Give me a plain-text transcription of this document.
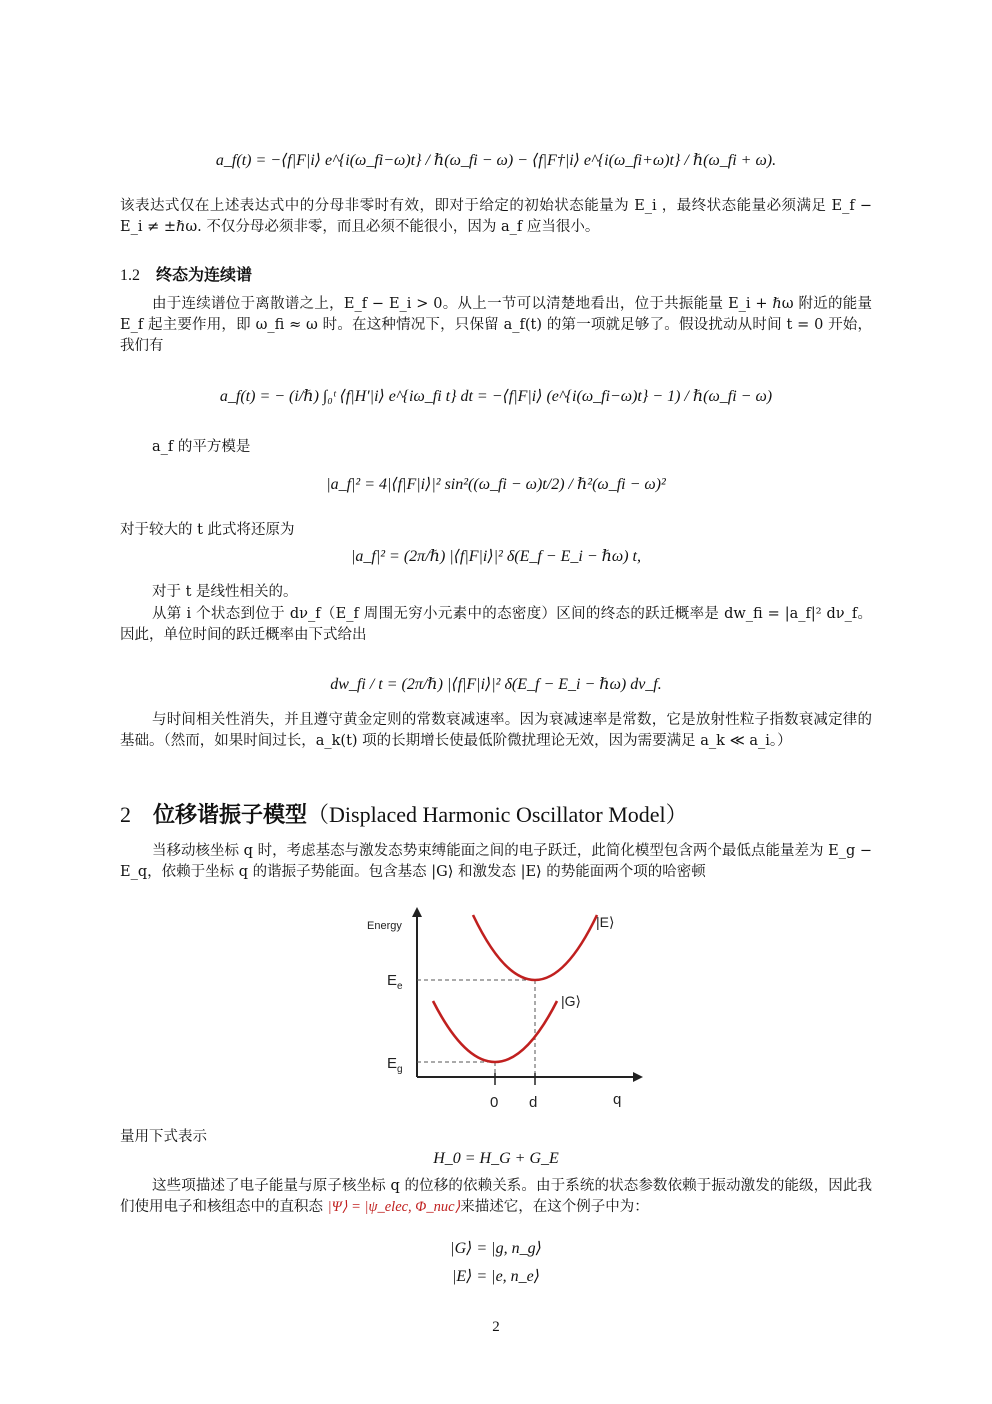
a_f(t) = −⟨f|F|i⟩ e^{i(ω_fi−ω)t} / ℏ(ω_fi − ω) − ⟨f|F†|i⟩ e^{i(ω_fi+ω)t} / ℏ(ω_fi + ω).
该表达式仅在上述表达式中的分母非零时有效，即对于给定的初始状态能量为 E_i ，最终状态能量必须满足 E_f − E_i ≠ ±ℏω. 不仅分母必须非零，而且必须不能很小，因为 a_f 应当很小。
1.2 终态为连续谱
由于连续谱位于离散谱之上，E_f − E_i > 0。从上一节可以清楚地看出，位于共振能量 E_i + ℏω 附近的能量 E_f 起主要作用，即 ω_fi ≈ ω 时。在这种情况下，只保留 a_f(t) 的第一项就足够了。假设扰动从时间 t = 0 开始，我们有
a_f(t) = − (i/ℏ) ∫₀ᵗ ⟨f|H′|i⟩ e^{iω_fi t} dt = −⟨f|F|i⟩ (e^{i(ω_fi−ω)t} − 1) / ℏ(ω_fi − ω)
a_f 的平方模是
|a_f|² = 4|⟨f|F|i⟩|² sin²((ω_fi − ω)t/2) / ℏ²(ω_fi − ω)²
对于较大的 t 此式将还原为
|a_f|² = (2π/ℏ) |⟨f|F|i⟩|² δ(E_f − E_i − ℏω) t,
对于 t 是线性相关的。
从第 i 个状态到位于 dν_f（E_f 周围无穷小元素中的态密度）区间的终态的跃迁概率是 dw_fi = |a_f|² dν_f。因此，单位时间的跃迁概率由下式给出
dw_fi / t = (2π/ℏ) |⟨f|F|i⟩|² δ(E_f − E_i − ℏω) dν_f.
与时间相关性消失，并且遵守黄金定则的常数衰减速率。因为衰减速率是常数，它是放射性粒子指数衰减定律的基础。（然而，如果时间过长，a_k(t) 项的长期增长使最低阶微扰理论无效，因为需要满足 a_k ≪ a_i。）
2 位移谐振子模型（Displaced Harmonic Oscillator Model）
当移动核坐标 q 时，考虑基态与激发态势束缚能面之间的电子跃迁，此简化模型包含两个最低点能量差为 E_g − E_q，依赖于坐标 q 的谐振子势能面。包含基态 |G⟩ 和激发态 |E⟩ 的势能面两个项的哈密顿
Energy
q
0 d
$E_e$
$E_g$
|E⟩
|G⟩
量用下式表示
H_0 = H_G + G_E
这些项描述了电子能量与原子核坐标 q 的位移的依赖关系。由于系统的状态参数依赖于振动激发的能级，因此我们使用电子和核组态中的直积态 |Ψ⟩ = |ψ_elec, Φ_nuc⟩来描述它，在这个例子中为：
|G⟩ = |g, n_g⟩
|E⟩ = |e, n_e⟩
2
